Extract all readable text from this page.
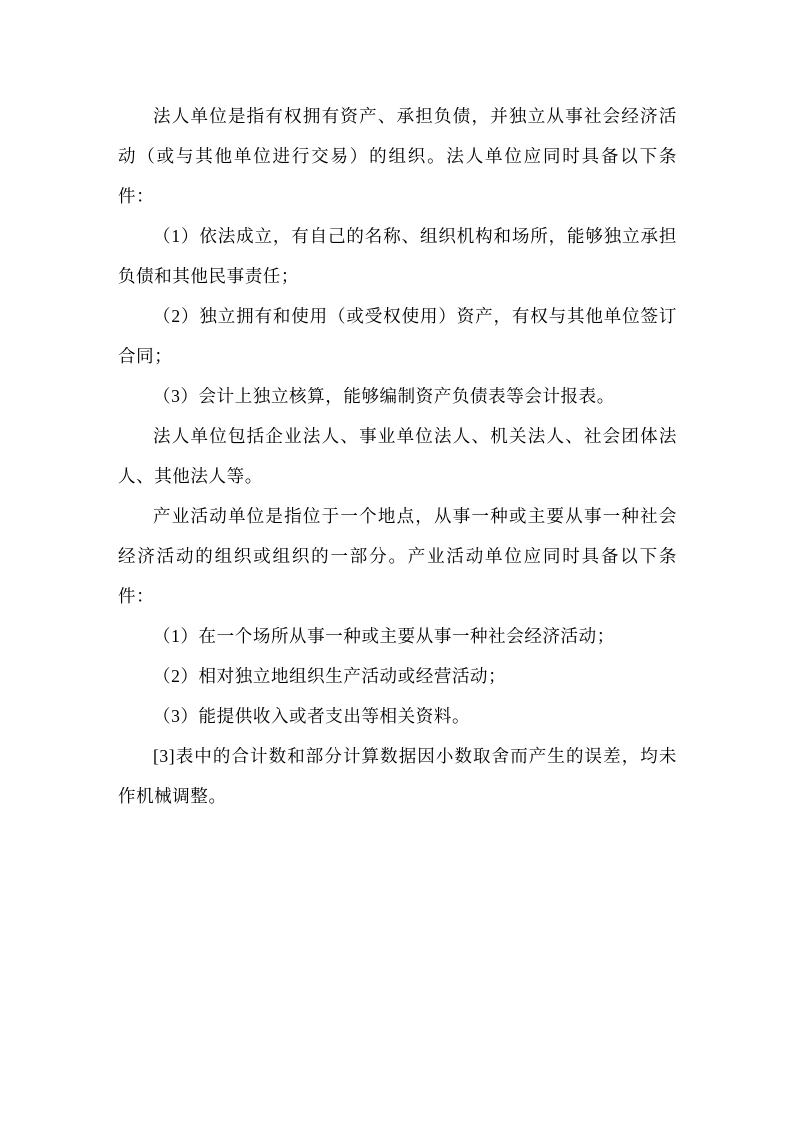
法人单位是指有权拥有资产、承担负债，并独立从事社会经济活动（或与其他单位进行交易）的组织。法人单位应同时具备以下条件：

（1）依法成立，有自己的名称、组织机构和场所，能够独立承担负债和其他民事责任；

（2）独立拥有和使用（或受权使用）资产，有权与其他单位签订合同；

（3）会计上独立核算，能够编制资产负债表等会计报表。

法人单位包括企业法人、事业单位法人、机关法人、社会团体法人、其他法人等。

产业活动单位是指位于一个地点，从事一种或主要从事一种社会经济活动的组织或组织的一部分。产业活动单位应同时具备以下条件：

（1）在一个场所从事一种或主要从事一种社会经济活动；

（2）相对独立地组织生产活动或经营活动；

（3）能提供收入或者支出等相关资料。

[3]表中的合计数和部分计算数据因小数取舍而产生的误差，均未作机械调整。
